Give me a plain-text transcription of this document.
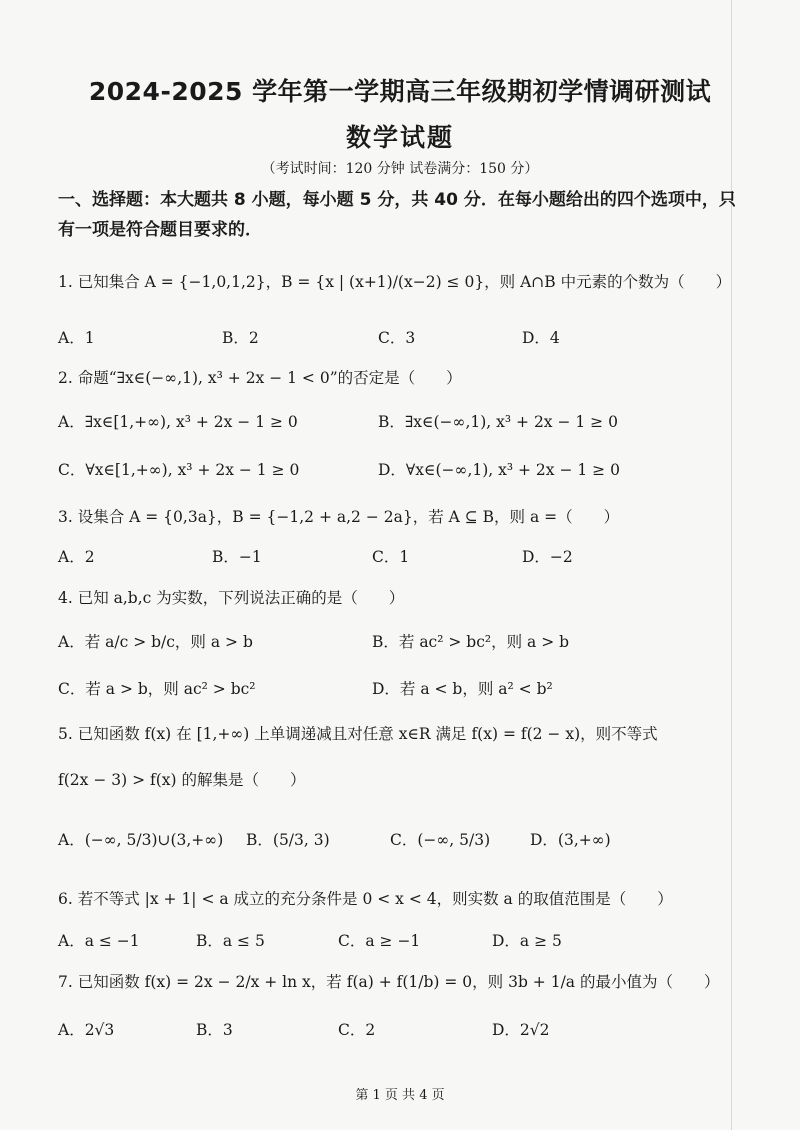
2024-2025 学年第一学期高三年级期初学情调研测试
数学试题
（考试时间：120 分钟 试卷满分：150 分）
一、选择题：本大题共 8 小题，每小题 5 分，共 40 分．在每小题给出的四个选项中，只有一项是符合题目要求的．
1. 已知集合 A = {−1,0,1,2}，B = {x | (x+1)/(x−2) ≤ 0}，则 A∩B 中元素的个数为（　　）
A．1	B．2	C．3	D．4
2. 命题“∃x∈(−∞,1), x³ + 2x − 1 < 0”的否定是（　　）
A．∃x∈[1,+∞), x³ + 2x − 1 ≥ 0	B．∃x∈(−∞,1), x³ + 2x − 1 ≥ 0
C．∀x∈[1,+∞), x³ + 2x − 1 ≥ 0	D．∀x∈(−∞,1), x³ + 2x − 1 ≥ 0
3. 设集合 A = {0,3a}，B = {−1,2 + a,2 − 2a}，若 A ⊆ B，则 a =（　　）
A．2	B．−1	C．1	D．−2
4. 已知 a,b,c 为实数，下列说法正确的是（　　）
A．若 a/c > b/c，则 a > b	B．若 ac² > bc²，则 a > b
C．若 a > b，则 ac² > bc²	D．若 a < b，则 a² < b²
5. 已知函数 f(x) 在 [1,+∞) 上单调递减且对任意 x∈R 满足 f(x) = f(2 − x)，则不等式
f(2x − 3) > f(x) 的解集是（　　）
A．(−∞, 5/3)∪(3,+∞) B．(5/3, 3)	C．(−∞, 5/3)	D．(3,+∞)
6. 若不等式 |x + 1| < a 成立的充分条件是 0 < x < 4，则实数 a 的取值范围是（　　）
A．a ≤ −1	B．a ≤ 5	C．a ≥ −1	D．a ≥ 5
7. 已知函数 f(x) = 2x − 2/x + ln x，若 f(a) + f(1/b) = 0，则 3b + 1/a 的最小值为（　　）
A．2√3	B．3	C．2	D．2√2
第 1 页 共 4 页
